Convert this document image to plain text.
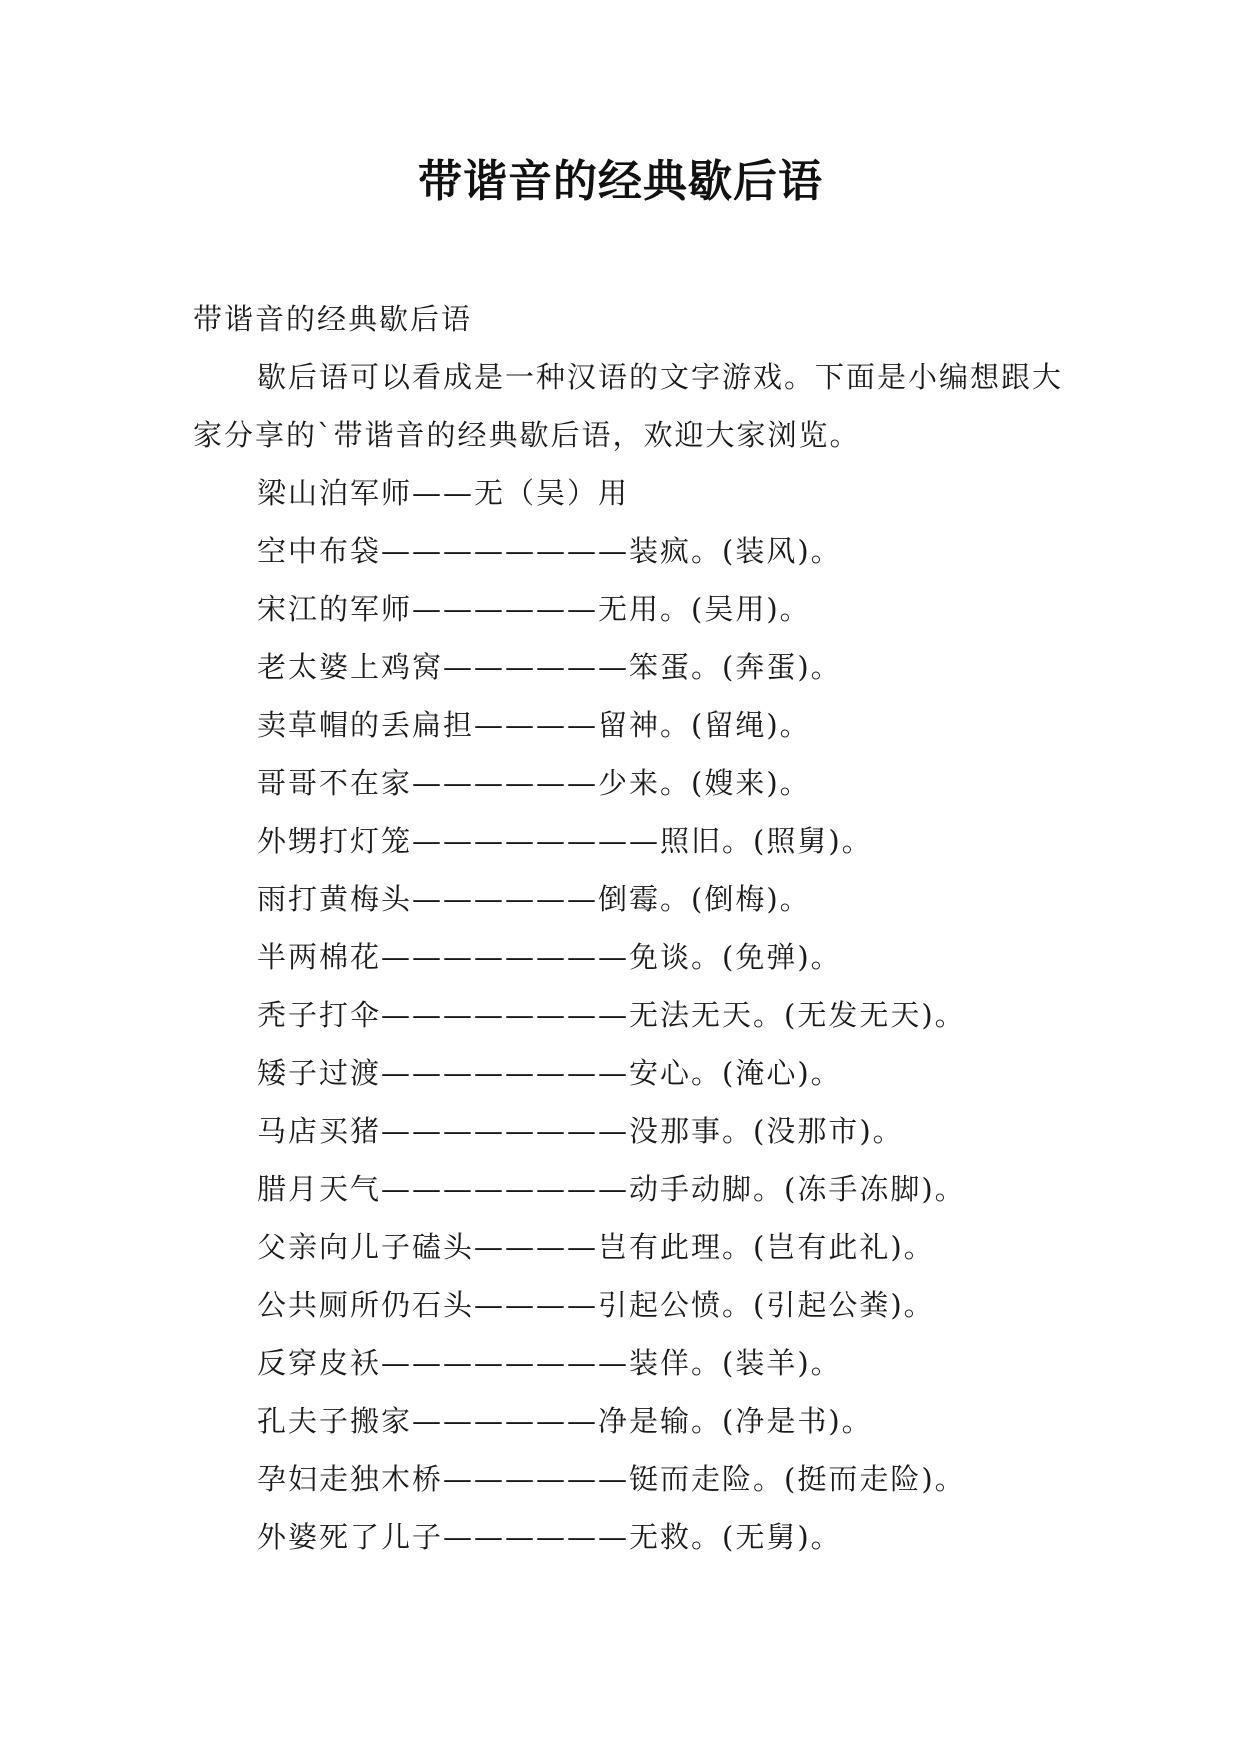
带谐音的经典歇后语
带谐音的经典歇后语

歇后语可以看成是一种汉语的文字游戏。下面是小编想跟大家分享的`带谐音的经典歇后语，欢迎大家浏览。

梁山泊军师——无（吴）用
空中布袋————————装疯。(装风)。
宋江的军师——————无用。(吴用)。
老太婆上鸡窝——————笨蛋。(奔蛋)。
卖草帽的丢扁担————留神。(留绳)。
哥哥不在家——————少来。(嫂来)。
外甥打灯笼————————照旧。(照舅)。
雨打黄梅头——————倒霉。(倒梅)。
半两棉花————————免谈。(免弹)。
秃子打伞————————无法无天。(无发无天)。
矮子过渡————————安心。(淹心)。
马店买猪————————没那事。(没那市)。
腊月天气————————动手动脚。(冻手冻脚)。
父亲向儿子磕头————岂有此理。(岂有此礼)。
公共厕所仍石头————引起公愤。(引起公粪)。
反穿皮袄————————装佯。(装羊)。
孔夫子搬家——————净是输。(净是书)。
孕妇走独木桥——————铤而走险。(挺而走险)。
外婆死了儿子——————无救。(无舅)。
